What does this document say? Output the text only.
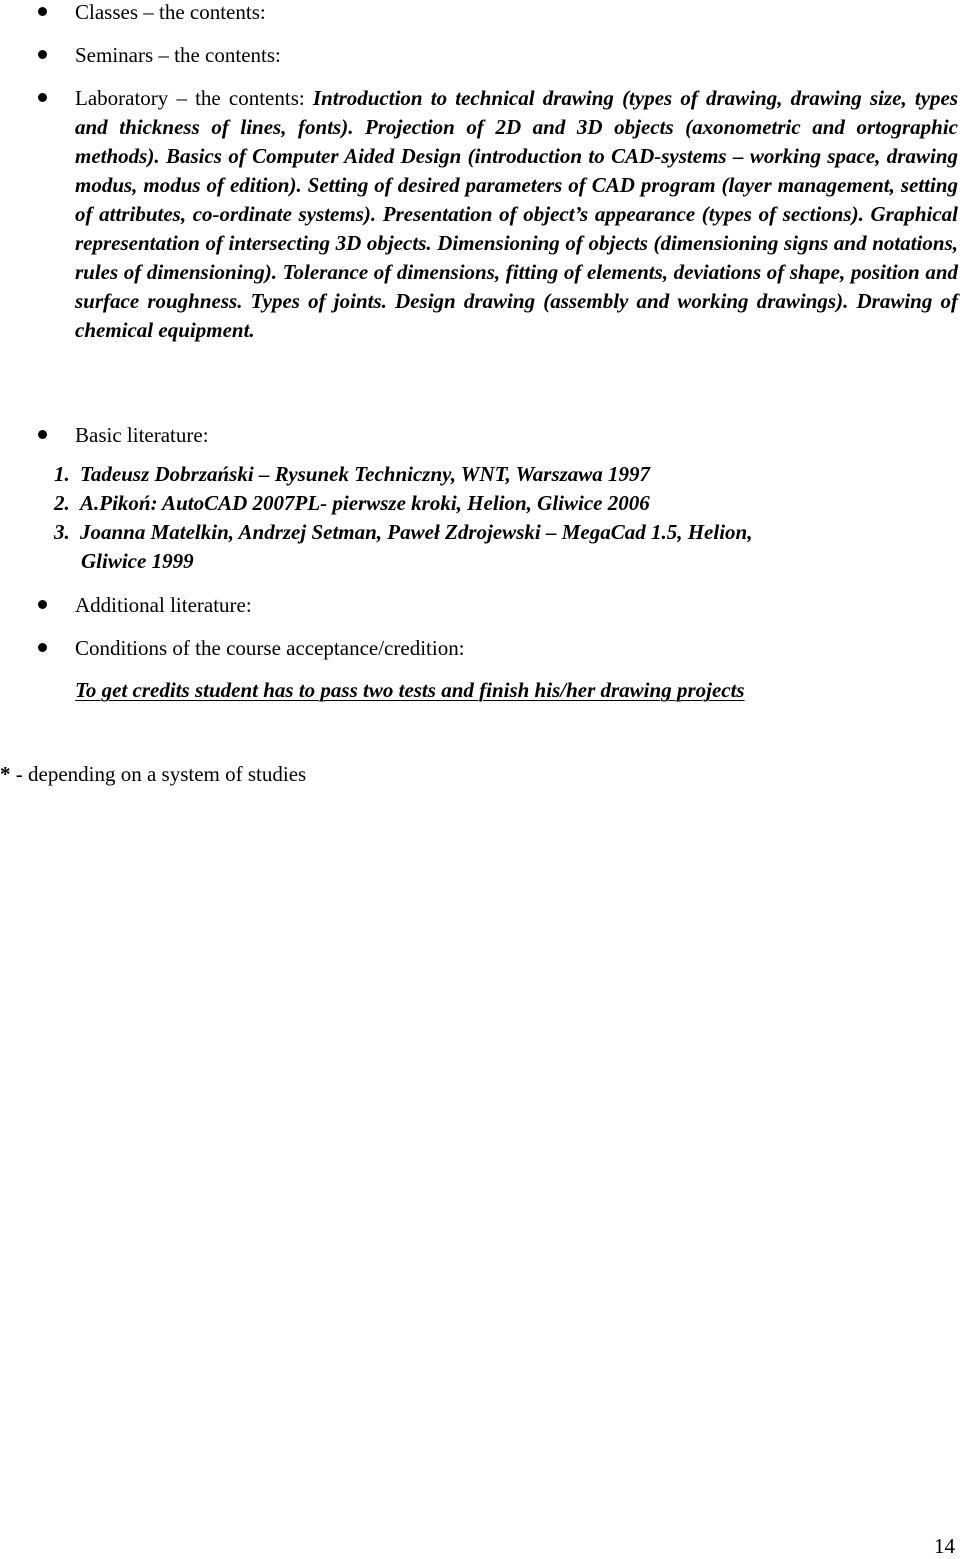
Classes – the contents:
Seminars – the contents:
Laboratory – the contents: Introduction to technical drawing (types of drawing, drawing size, types and thickness of lines, fonts). Projection of 2D and 3D objects (axonometric and ortographic methods). Basics of Computer Aided Design (introduction to CAD-systems – working space, drawing modus, modus of edition). Setting of desired parameters of CAD program (layer management, setting of attributes, co-ordinate systems). Presentation of object’s appearance (types of sections). Graphical representation of intersecting 3D objects. Dimensioning of objects (dimensioning signs and notations, rules of dimensioning). Tolerance of dimensions, fitting of elements, deviations of shape, position and surface roughness. Types of joints. Design drawing (assembly and working drawings). Drawing of chemical equipment.
Basic literature:
1. Tadeusz Dobrzański – Rysunek Techniczny, WNT, Warszawa 1997
2. A.Pikoń: AutoCAD 2007PL- pierwsze kroki, Helion, Gliwice 2006
3. Joanna Matelkin, Andrzej Setman, Paweł Zdrojewski – MegaCad 1.5, Helion,
Gliwice 1999
Additional literature:
Conditions of the course acceptance/credition:
To get credits student has to pass two tests and finish his/her drawing projects
* - depending on a system of studies
14
